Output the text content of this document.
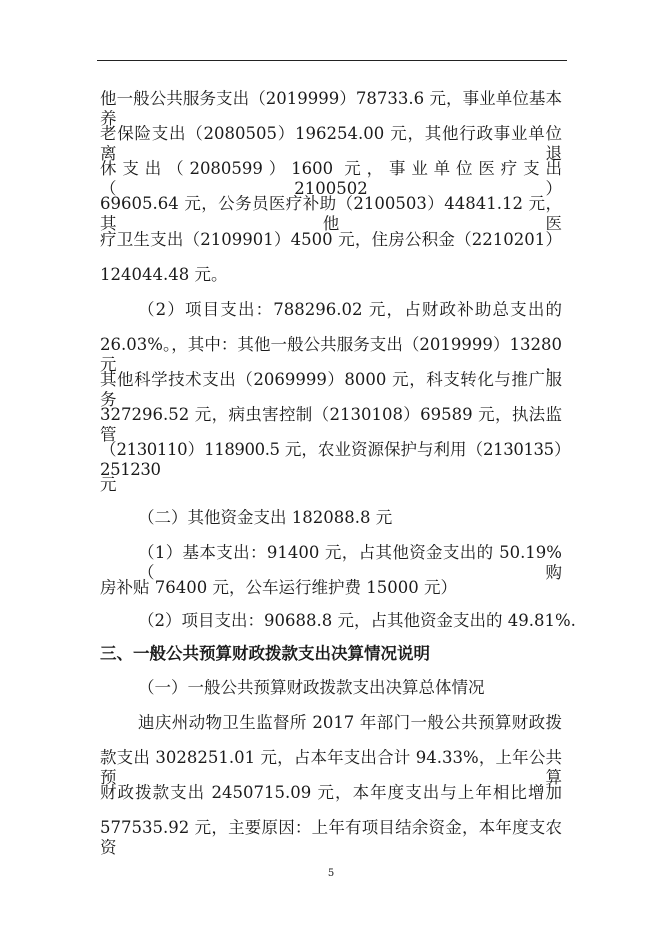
他一般公共服务支出（2019999）78733.6 元，事业单位基本养
老保险支出（2080505）196254.00 元，其他行政事业单位离退
休支出（2080599）1600 元，事业单位医疗支出（2100502）
69605.64 元，公务员医疗补助（2100503）44841.12 元，其他医
疗卫生支出（2109901）4500 元，住房公积金（2210201）
124044.48 元。
（2）项目支出：788296.02 元，占财政补助总支出的
26.03%。，其中：其他一般公共服务支出（2019999）13280 元，
其他科学技术支出（2069999）8000 元，科支转化与推广服务
327296.52 元，病虫害控制（2130108）69589 元，执法监管
（2130110）118900.5 元，农业资源保护与利用（2130135）251230
元
（二）其他资金支出 182088.8 元
（1）基本支出：91400 元，占其他资金支出的 50.19%（购
房补贴 76400 元，公车运行维护费 15000 元）
（2）项目支出：90688.8 元，占其他资金支出的 49.81%.
三、一般公共预算财政拨款支出决算情况说明
（一）一般公共预算财政拨款支出决算总体情况
迪庆州动物卫生监督所 2017 年部门一般公共预算财政拨
款支出 3028251.01 元，占本年支出合计 94.33%，上年公共预算
财政拨款支出 2450715.09 元，本年度支出与上年相比增加
577535.92 元，主要原因：上年有项目结余资金，本年度支农资
5
